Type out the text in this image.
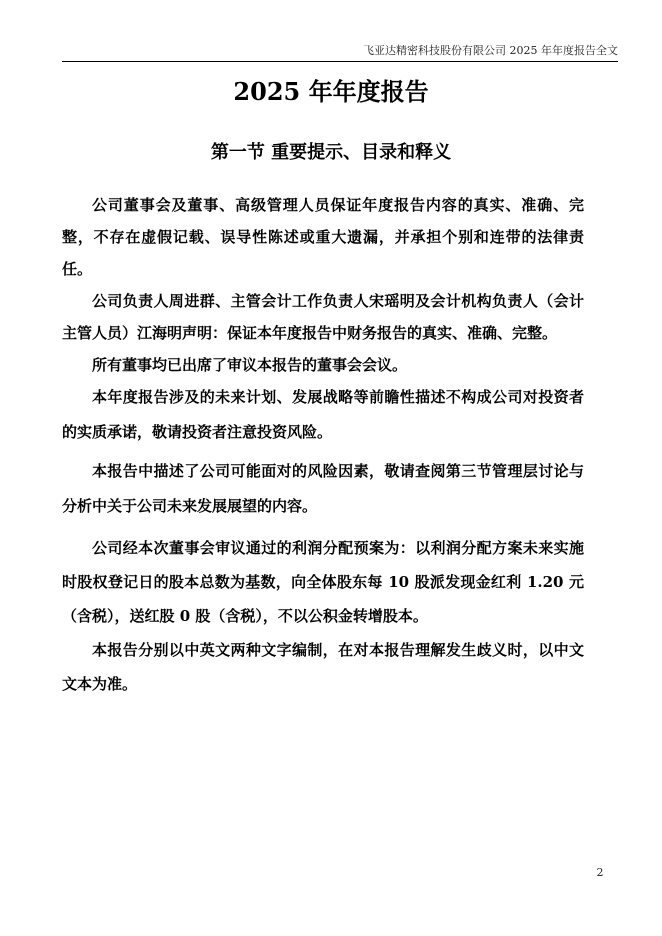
飞亚达精密科技股份有限公司 2025 年年度报告全文
2025 年年度报告
第一节 重要提示、目录和释义

公司董事会及董事、高级管理人员保证年度报告内容的真实、准确、完整，不存在虚假记载、误导性陈述或重大遗漏，并承担个别和连带的法律责任。

公司负责人周进群、主管会计工作负责人宋瑶明及会计机构负责人（会计主管人员）江海明声明：保证本年度报告中财务报告的真实、准确、完整。

所有董事均已出席了审议本报告的董事会会议。

本年度报告涉及的未来计划、发展战略等前瞻性描述不构成公司对投资者的实质承诺，敬请投资者注意投资风险。

本报告中描述了公司可能面对的风险因素，敬请查阅第三节管理层讨论与分析中关于公司未来发展展望的内容。

公司经本次董事会审议通过的利润分配预案为：以利润分配方案未来实施时股权登记日的股本总数为基数，向全体股东每 10 股派发现金红利 1.20 元（含税），送红股 0 股（含税），不以公积金转增股本。

本报告分别以中英文两种文字编制，在对本报告理解发生歧义时，以中文文本为准。

2
